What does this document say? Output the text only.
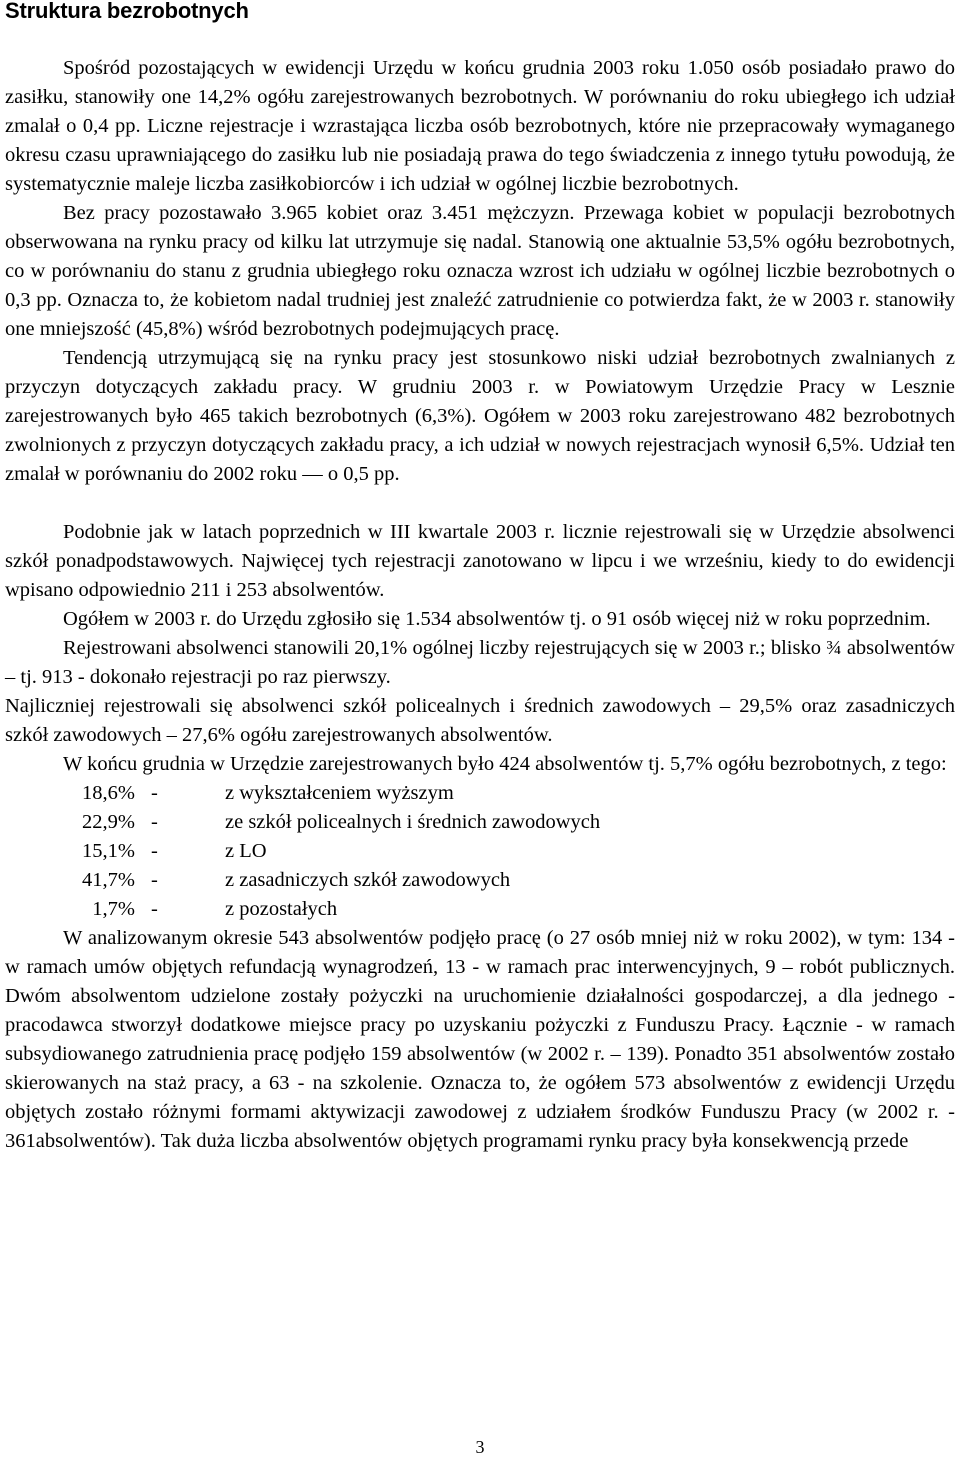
Struktura bezrobotnych

Spośród pozostających w ewidencji Urzędu w końcu grudnia 2003 roku 1.050 osób posiadało prawo do zasiłku, stanowiły one 14,2% ogółu zarejestrowanych bezrobotnych. W porównaniu do roku ubiegłego ich udział zmalał o 0,4 pp. Liczne rejestracje i wzrastająca liczba osób bezrobotnych, które nie przepracowały wymaganego okresu czasu uprawniającego do zasiłku lub nie posiadają prawa do tego świadczenia z innego tytułu powodują, że systematycznie maleje liczba zasiłkobiorców i ich udział w ogólnej liczbie bezrobotnych.

Bez pracy pozostawało 3.965 kobiet oraz 3.451 mężczyzn. Przewaga kobiet w populacji bezrobotnych obserwowana na rynku pracy od kilku lat utrzymuje się nadal. Stanowią one aktualnie 53,5% ogółu bezrobotnych, co w porównaniu do stanu z grudnia ubiegłego roku oznacza wzrost ich udziału w ogólnej liczbie bezrobotnych o 0,3 pp. Oznacza to, że kobietom nadal trudniej jest znaleźć zatrudnienie co potwierdza fakt, że w 2003 r. stanowiły one mniejszość (45,8%) wśród bezrobotnych podejmujących pracę.

Tendencją utrzymującą się na rynku pracy jest stosunkowo niski udział bezrobotnych zwalnianych z przyczyn dotyczących zakładu pracy. W grudniu 2003 r. w Powiatowym Urzędzie Pracy w Lesznie zarejestrowanych było 465 takich bezrobotnych (6,3%). Ogółem w 2003 roku zarejestrowano 482 bezrobotnych zwolnionych z przyczyn dotyczących zakładu pracy, a ich udział w nowych rejestracjach wynosił 6,5%. Udział ten zmalał w porównaniu do 2002 roku — o 0,5 pp.

Podobnie jak w latach poprzednich w III kwartale 2003 r. licznie rejestrowali się w Urzędzie absolwenci szkół ponadpodstawowych. Najwięcej tych rejestracji zanotowano w lipcu i we wrześniu, kiedy to do ewidencji wpisano odpowiednio 211 i 253 absolwentów.

Ogółem w 2003 r. do Urzędu zgłosiło się 1.534 absolwentów tj. o 91 osób więcej niż w roku poprzednim.

Rejestrowani absolwenci stanowili 20,1% ogólnej liczby rejestrujących się w 2003 r.; blisko ¾ absolwentów – tj. 913 - dokonało rejestracji po raz pierwszy.

Najliczniej rejestrowali się absolwenci szkół policealnych i średnich zawodowych – 29,5% oraz zasadniczych szkół zawodowych – 27,6% ogółu zarejestrowanych absolwentów.

W końcu grudnia w Urzędzie zarejestrowanych było 424 absolwentów tj. 5,7% ogółu bezrobotnych, z tego:

18,6% -	z wykształceniem wyższym
22,9% -	ze szkół policealnych i średnich zawodowych
15,1% -	z LO
41,7% -	z zasadniczych szkół zawodowych
1,7% -	z pozostałych

W analizowanym okresie 543 absolwentów podjęło pracę (o 27 osób mniej niż w roku 2002), w tym: 134 - w ramach umów objętych refundacją wynagrodzeń, 13 - w ramach prac interwencyjnych, 9 – robót publicznych. Dwóm absolwentom udzielone zostały pożyczki na uruchomienie działalności gospodarczej, a dla jednego - pracodawca stworzył dodatkowe miejsce pracy po uzyskaniu pożyczki z Funduszu Pracy. Łącznie - w ramach subsydiowanego zatrudnienia pracę podjęło 159 absolwentów (w 2002 r. – 139). Ponadto 351 absolwentów zostało skierowanych na staż pracy, a 63 - na szkolenie. Oznacza to, że ogółem 573 absolwentów z ewidencji Urzędu objętych zostało różnymi formami aktywizacji zawodowej z udziałem środków Funduszu Pracy (w 2002 r. - 361absolwentów). Tak duża liczba absolwentów objętych programami rynku pracy była konsekwencją przede

3
